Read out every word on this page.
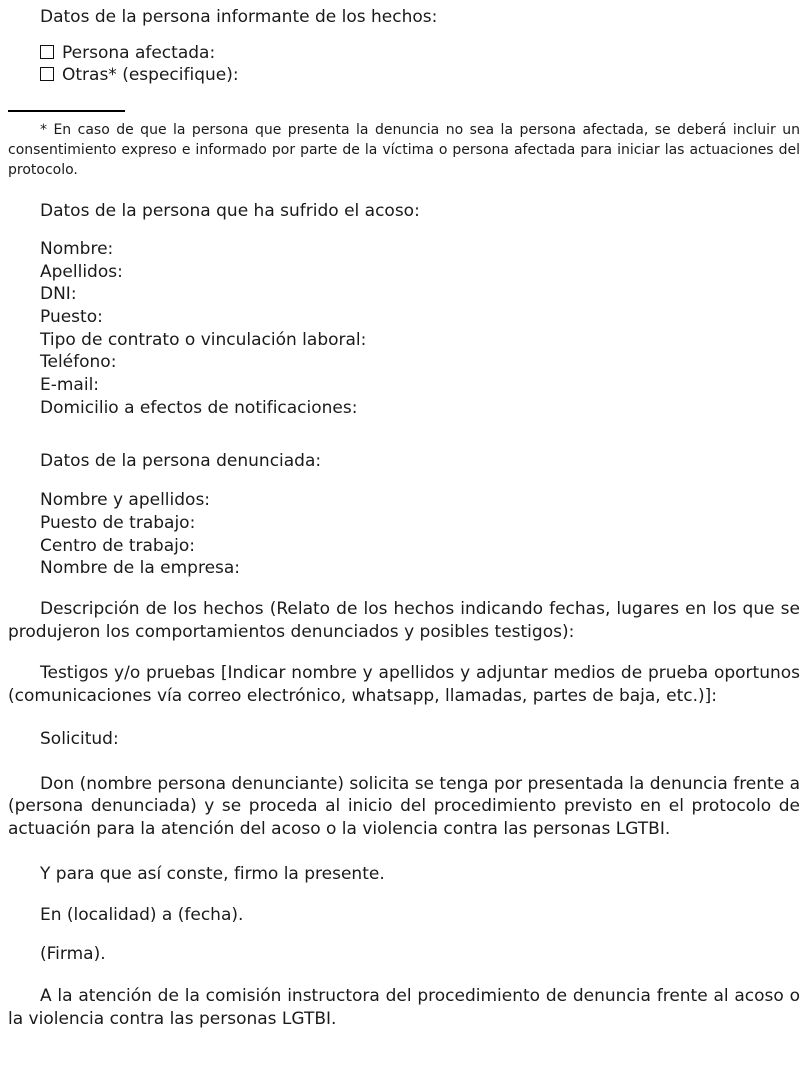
Datos de la persona informante de los hechos:

Persona afectada:

Otras* (especifique):

* En caso de que la persona que presenta la denuncia no sea la persona afectada, se deberá incluir un consentimiento expreso e informado por parte de la víctima o persona afectada para iniciar las actuaciones del protocolo.

Datos de la persona que ha sufrido el acoso:

Nombre:

Apellidos:

DNI:

Puesto:

Tipo de contrato o vinculación laboral:

Teléfono:

E-mail:

Domicilio a efectos de notificaciones:

Datos de la persona denunciada:

Nombre y apellidos:

Puesto de trabajo:

Centro de trabajo:

Nombre de la empresa:

Descripción de los hechos (Relato de los hechos indicando fechas, lugares en los que se produjeron los comportamientos denunciados y posibles testigos):

Testigos y/o pruebas [Indicar nombre y apellidos y adjuntar medios de prueba oportunos (comunicaciones vía correo electrónico, whatsapp, llamadas, partes de baja, etc.)]:

Solicitud:

Don (nombre persona denunciante) solicita se tenga por presentada la denuncia frente a (persona denunciada) y se proceda al inicio del procedimiento previsto en el protocolo de actuación para la atención del acoso o la violencia contra las personas LGTBI.

Y para que así conste, firmo la presente.

En (localidad) a (fecha).

(Firma).

A la atención de la comisión instructora del procedimiento de denuncia frente al acoso o la violencia contra las personas LGTBI.
